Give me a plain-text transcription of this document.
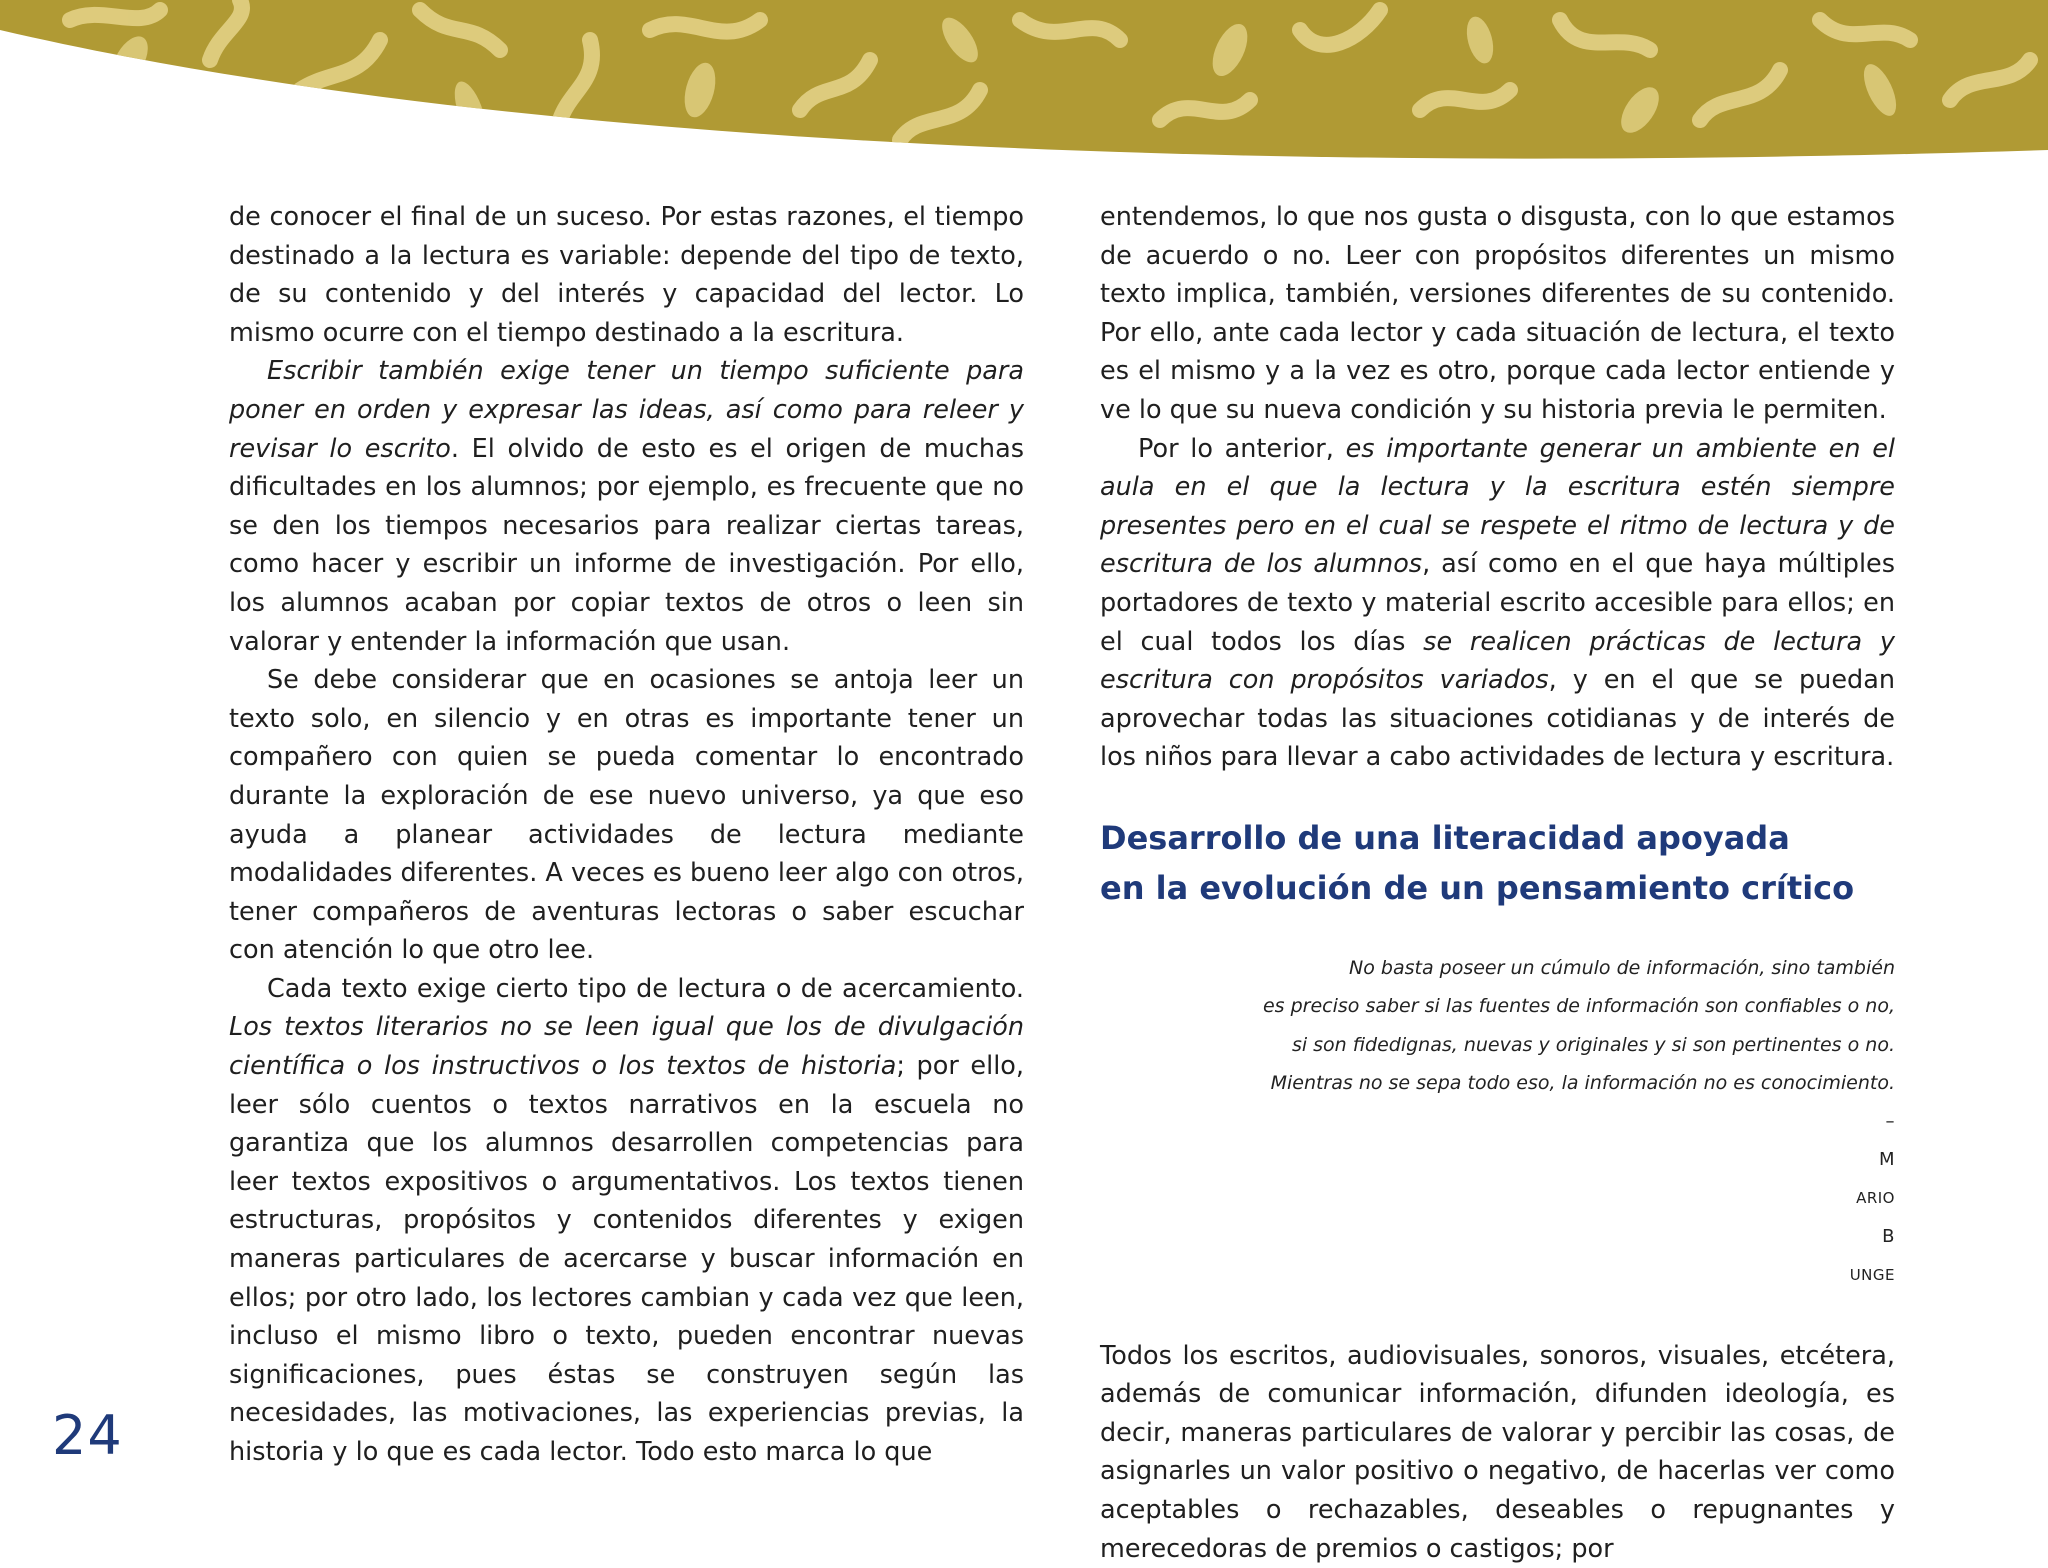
de conocer el final de un suceso. Por estas razones, el tiempo destinado a la lectura es variable: depende del tipo de texto, de su contenido y del interés y capacidad del lector. Lo mismo ocurre con el tiempo destinado a la escritura.

Escribir también exige tener un tiempo suficiente para poner en orden y expresar las ideas, así como para releer y revisar lo escrito. El olvido de esto es el origen de muchas dificultades en los alumnos; por ejemplo, es frecuente que no se den los tiempos necesarios para realizar ciertas tareas, como hacer y escribir un informe de investigación. Por ello, los alumnos acaban por copiar textos de otros o leen sin valorar y entender la información que usan.

Se debe considerar que en ocasiones se antoja leer un texto solo, en silencio y en otras es importante tener un compañero con quien se pueda comentar lo encontrado durante la exploración de ese nuevo universo, ya que eso ayuda a planear actividades de lectura mediante modalidades diferentes. A veces es bueno leer algo con otros, tener compañeros de aventuras lectoras o saber escuchar con atención lo que otro lee.

Cada texto exige cierto tipo de lectura o de acercamiento. Los textos literarios no se leen igual que los de divulgación científica o los instructivos o los textos de historia; por ello, leer sólo cuentos o textos narrativos en la escuela no garantiza que los alumnos desarrollen competencias para leer textos expositivos o argumentativos. Los textos tienen estructuras, propósitos y contenidos diferentes y exigen maneras particulares de acercarse y buscar información en ellos; por otro lado, los lectores cambian y cada vez que leen, incluso el mismo libro o texto, pueden encontrar nuevas significaciones, pues éstas se construyen según las necesidades, las motivaciones, las experiencias previas, la historia y lo que es cada lector. Todo esto marca lo que

entendemos, lo que nos gusta o disgusta, con lo que estamos de acuerdo o no. Leer con propósitos diferentes un mismo texto implica, también, versiones diferentes de su contenido. Por ello, ante cada lector y cada situación de lectura, el texto es el mismo y a la vez es otro, porque cada lector entiende y ve lo que su nueva condición y su historia previa le permiten.

Por lo anterior, es importante generar un ambiente en el aula en el que la lectura y la escritura estén siempre presentes pero en el cual se respete el ritmo de lectura y de escritura de los alumnos, así como en el que haya múltiples portadores de texto y material escrito accesible para ellos; en el cual todos los días se realicen prácticas de lectura y escritura con propósitos variados, y en el que se puedan aprovechar todas las situaciones cotidianas y de interés de los niños para llevar a cabo actividades de lectura y escritura.

Desarrollo de una literacidad apoyada
en la evolución de un pensamiento crítico
No basta poseer un cúmulo de información, sino también
es preciso saber si las fuentes de información son confiables o no,
si son fidedignas, nuevas y originales y si son pertinentes o no.
Mientras no se sepa todo eso, la información no es conocimiento.
–
M
ARIO
B
UNGE

Todos los escritos, audiovisuales, sonoros, visuales, etcétera, además de comunicar información, difunden ideología, es decir, maneras particulares de valorar y percibir las cosas, de asignarles un valor positivo o negativo, de hacerlas ver como aceptables o rechazables, deseables o repugnantes y merecedoras de premios o castigos; por

24
